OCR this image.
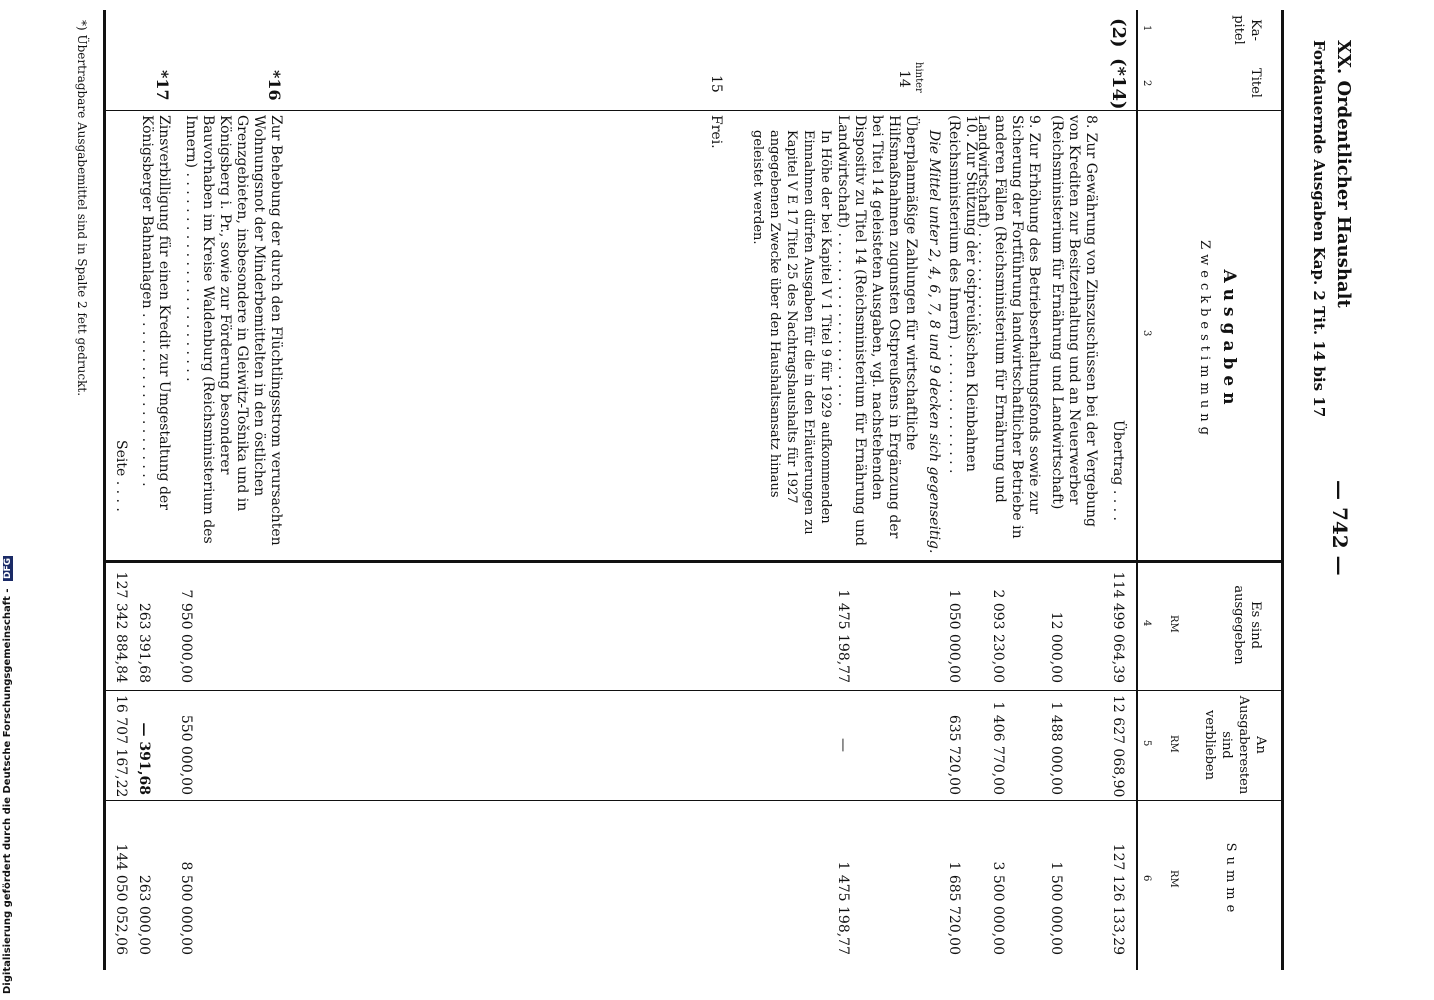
XX. Ordentlicher Haushalt
Fortdauernde Ausgaben Kap. 2 Tit. 14 bis 17
— 742 —
Ka-
pitel
Titel
Ausgaben
Zweckbestimmung
Es sind
ausgegeben
An
Ausgaberesten
sind verblieben
Summe
RM
RM
RM
1
2
3
4
5
6
(2)
(*14)
Übertrag . . . .
114 499 064,39
12 627 068,90
127 126 133,29
8. Zur Gewährung von Zinszuschüssen bei der Vergebung von Krediten zur Besitzerhaltung und an Neuerwerber (Reichsministerium für Ernährung und Landwirtschaft)
12 000,00
1 488 000,00
1 500 000,00
9. Zur Erhöhung des Betriebserhaltungsfonds sowie zur Sicherung der Fortführung landwirtschaftlicher Betriebe in anderen Fällen (Reichsministerium für Ernährung und Landwirtschaft) . . . . . . . . . . . .
2 093 230,00
1 406 770,00
3 500 000,00
10. Zur Stützung der ostpreußischen Kleinbahnen (Reichsministerium des Innern) . . . . . . . . . . . . . . .
1 050 000,00
635 720,00
1 685 720,00
Die Mittel unter 2, 4, 6, 7, 8 und 9 decken sich gegenseitig.
hinter
14
Überplanmäßige Zahlungen für wirtschaftliche Hilfsmaßnahmen zugunsten Ostpreußens in Ergänzung der bei Titel 14 geleisteten Ausgaben, vgl. nachstehenden Dispositiv zu Titel 14 (Reichsministerium für Ernährung und Landwirtschaft) . . . . . . . . . . . . . . . . . . . .
1 475 198,77
—
1 475 198,77
In Höhe der bei Kapitel V 1 Titel 9 für 1929 aufkommenden Einnahmen dürfen Ausgaben für die in den Erläuterungen zu Kapitel V E 17 Titel 25 des Nachtragshaushalts für 1927 angegebenen Zwecke über den Haushaltsansatz hinaus geleistet werden.
15
Frei.
*16
Zur Behebung der durch den Flüchtlingsstrom verursachten Wohnungsnot der Minderbemittelten in den östlichen Grenzgebieten, insbesondere in Gleiwitz-Tošnika und in Königsberg i. Pr., sowie zur Förderung besonderer Bauvorhaben im Kreise Waldenburg (Reichsministerium des Innern) . . . . . . . . . . . . . . . . . . . . . . . .
7 950 000,00
550 000,00
8 500 000,00
*17
Zinsverbilligung für einen Kredit zur Umgestaltung der Königsberger Bahnanlagen . . . . . . . . . . . . . . . . . . . .
263 391,68
— 391,68
263 000,00
Seite . . . .
127 342 884,84
16 707 167,22
144 050 052,06
*) Übertragbare Ausgabemittel sind in Spalte 2 fett gedruckt.
Digitalisierung gefördert durch die Deutsche Forschungsgemeinschaft - DFG
